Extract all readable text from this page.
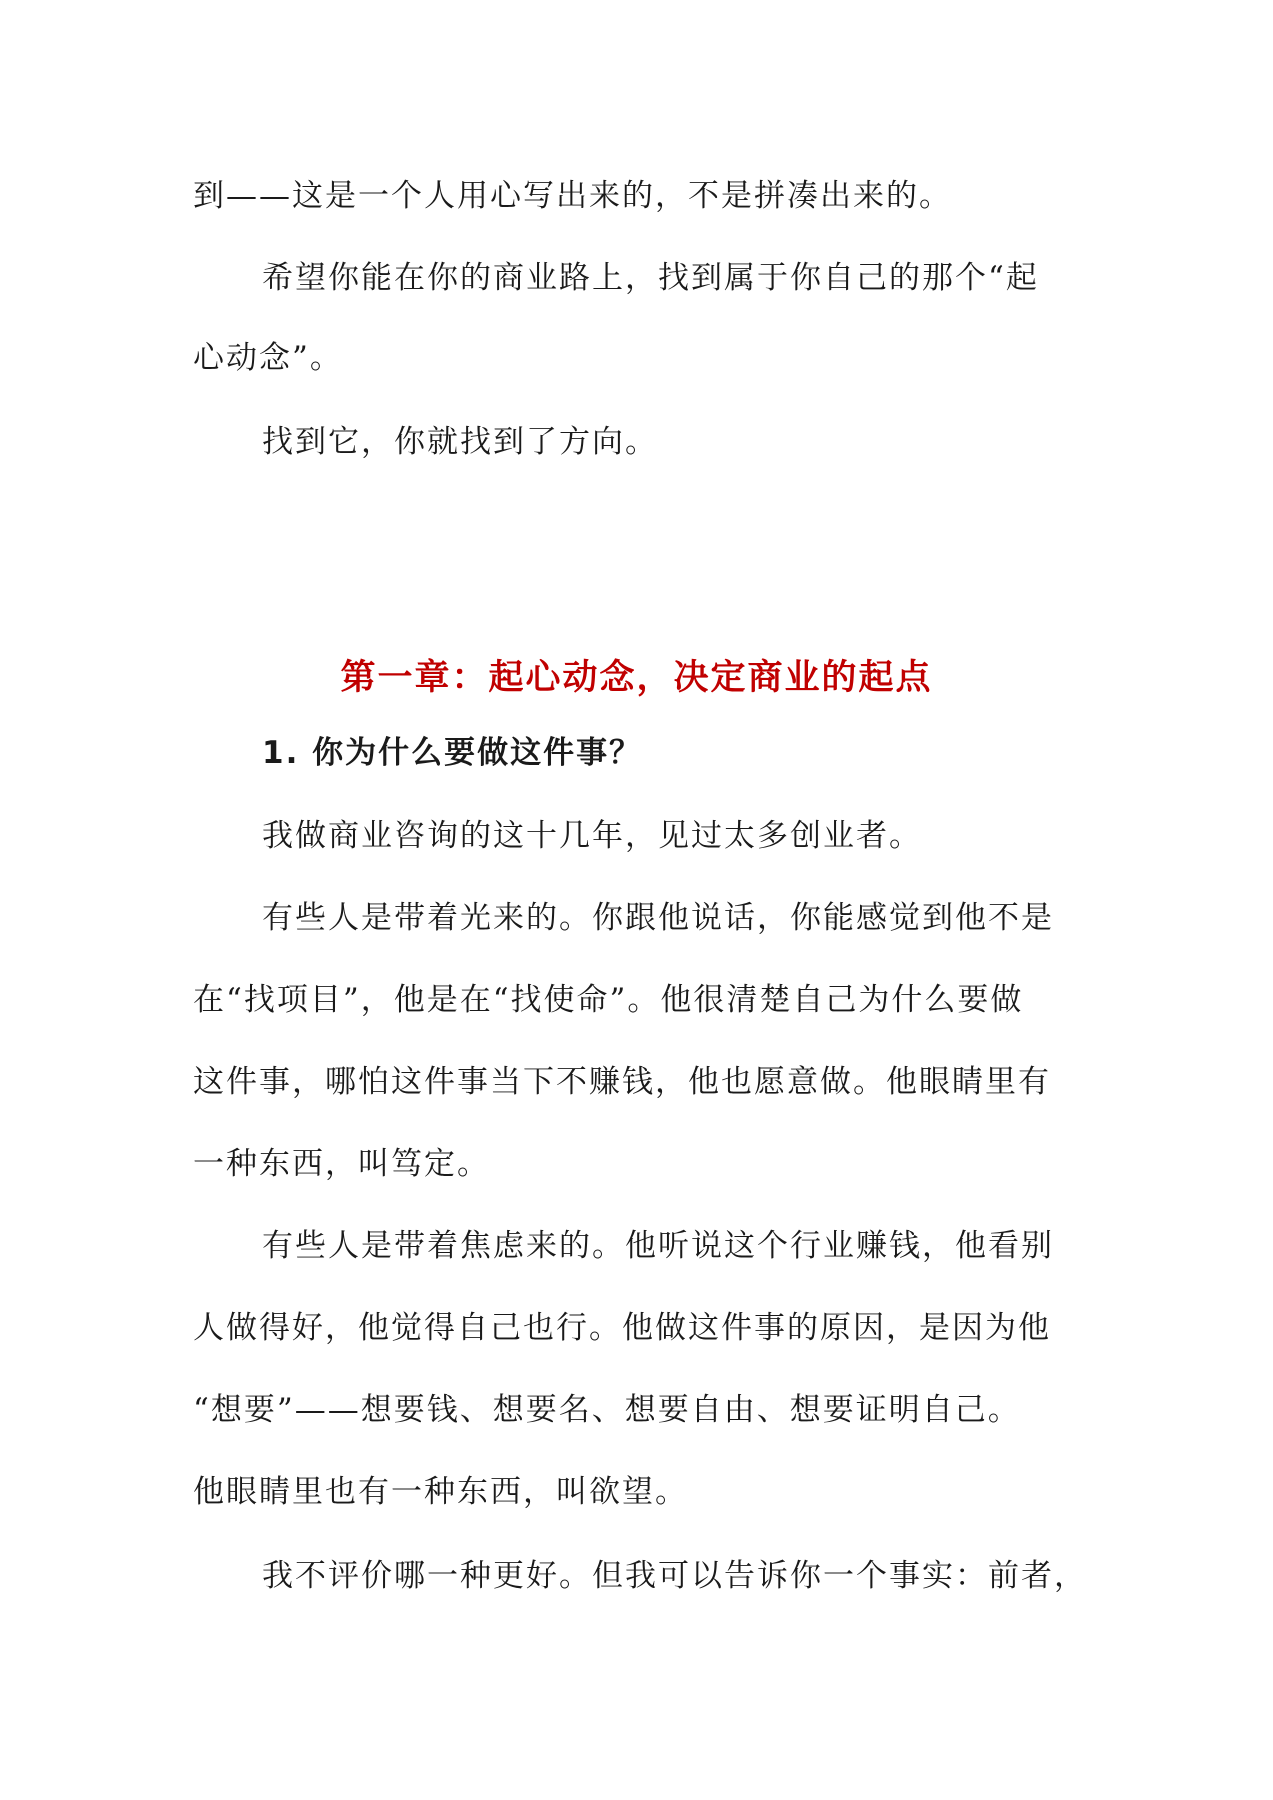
到——这是一个人用心写出来的，不是拼凑出来的。

希望你能在你的商业路上，找到属于你自己的那个“起

心动念”。

找到它，你就找到了方向。

第一章：起心动念，决定商业的起点
1. 你为什么要做这件事？

我做商业咨询的这十几年，见过太多创业者。

有些人是带着光来的。你跟他说话，你能感觉到他不是

在“找项目”，他是在“找使命”。他很清楚自己为什么要做

这件事，哪怕这件事当下不赚钱，他也愿意做。他眼睛里有

一种东西，叫笃定。

有些人是带着焦虑来的。他听说这个行业赚钱，他看别

人做得好，他觉得自己也行。他做这件事的原因，是因为他

“想要”——想要钱、想要名、想要自由、想要证明自己。

他眼睛里也有一种东西，叫欲望。

我不评价哪一种更好。但我可以告诉你一个事实：前者，
